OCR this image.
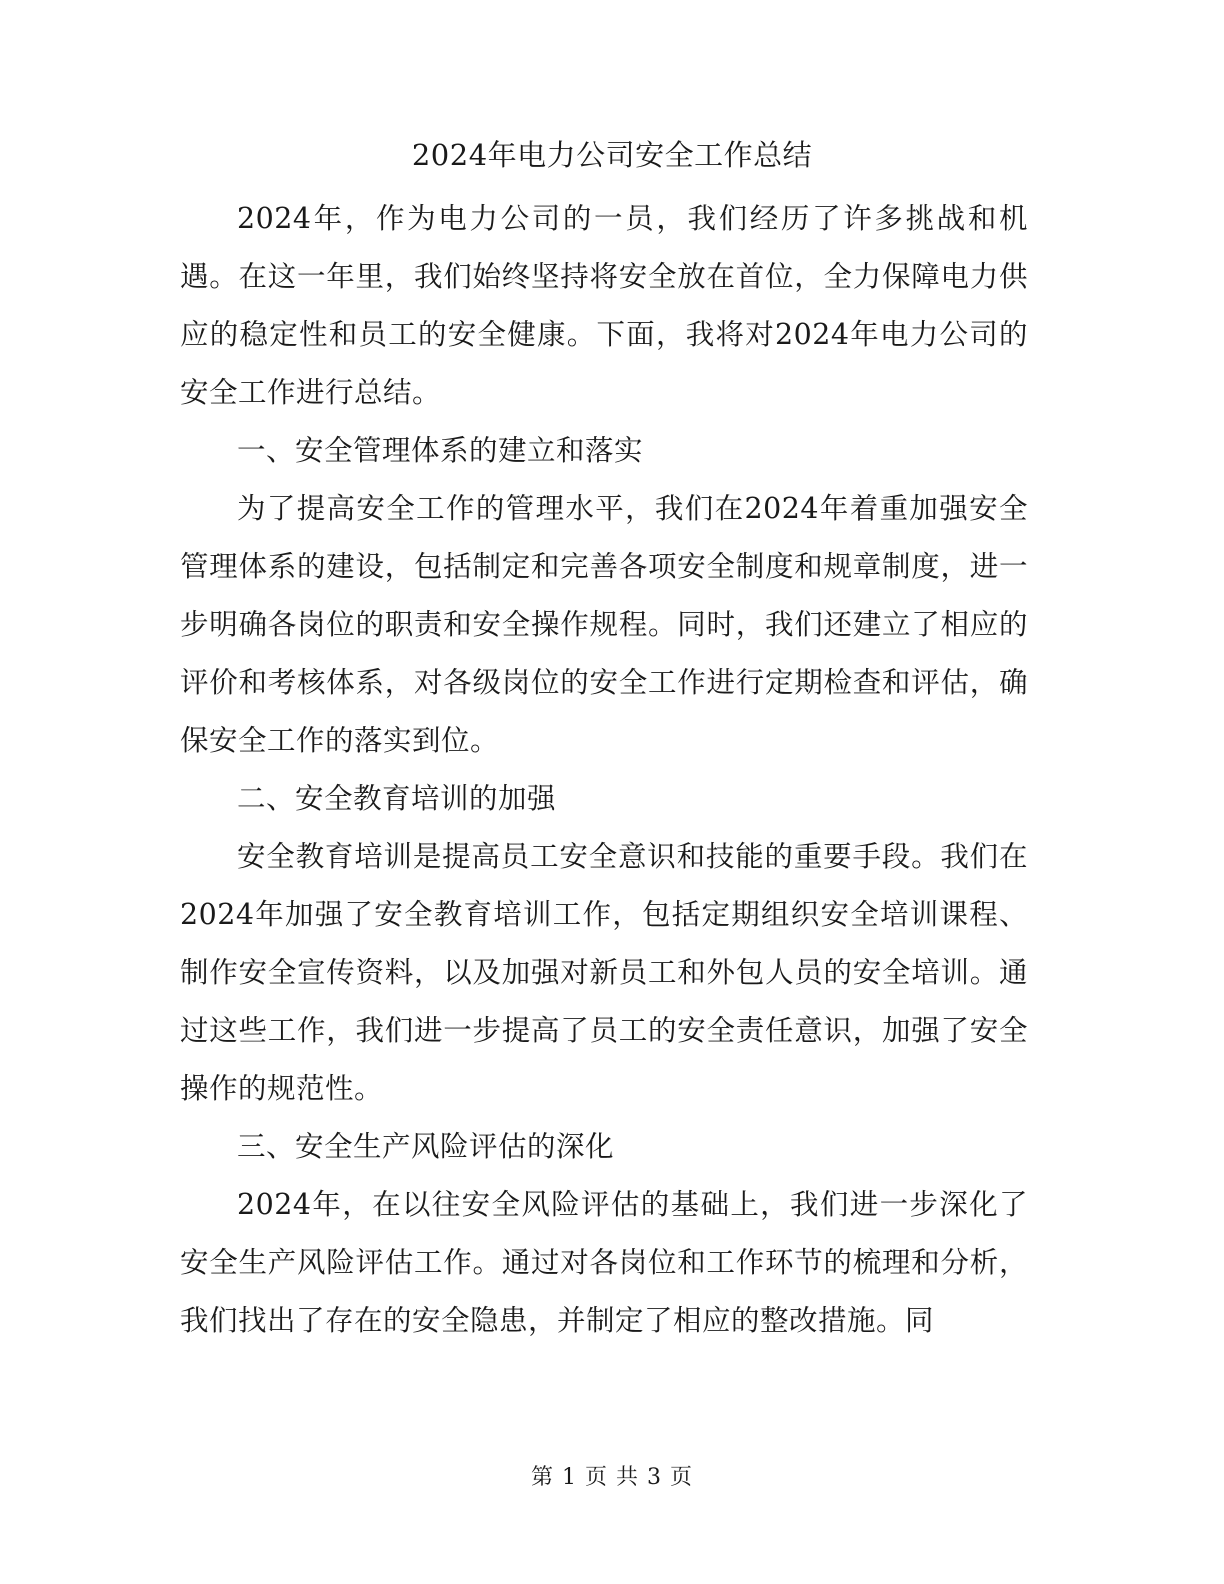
2024年电力公司安全工作总结

2024年，作为电力公司的一员，我们经历了许多挑战和机遇。在这一年里，我们始终坚持将安全放在首位，全力保障电力供应的稳定性和员工的安全健康。下面，我将对2024年电力公司的安全工作进行总结。

一、安全管理体系的建立和落实

为了提高安全工作的管理水平，我们在2024年着重加强安全管理体系的建设，包括制定和完善各项安全制度和规章制度，进一步明确各岗位的职责和安全操作规程。同时，我们还建立了相应的评价和考核体系，对各级岗位的安全工作进行定期检查和评估，确保安全工作的落实到位。

二、安全教育培训的加强

安全教育培训是提高员工安全意识和技能的重要手段。我们在2024年加强了安全教育培训工作，包括定期组织安全培训课程、制作安全宣传资料，以及加强对新员工和外包人员的安全培训。通过这些工作，我们进一步提高了员工的安全责任意识，加强了安全操作的规范性。

三、安全生产风险评估的深化

2024年，在以往安全风险评估的基础上，我们进一步深化了安全生产风险评估工作。通过对各岗位和工作环节的梳理和分析，我们找出了存在的安全隐患，并制定了相应的整改措施。同

第 1 页 共 3 页
